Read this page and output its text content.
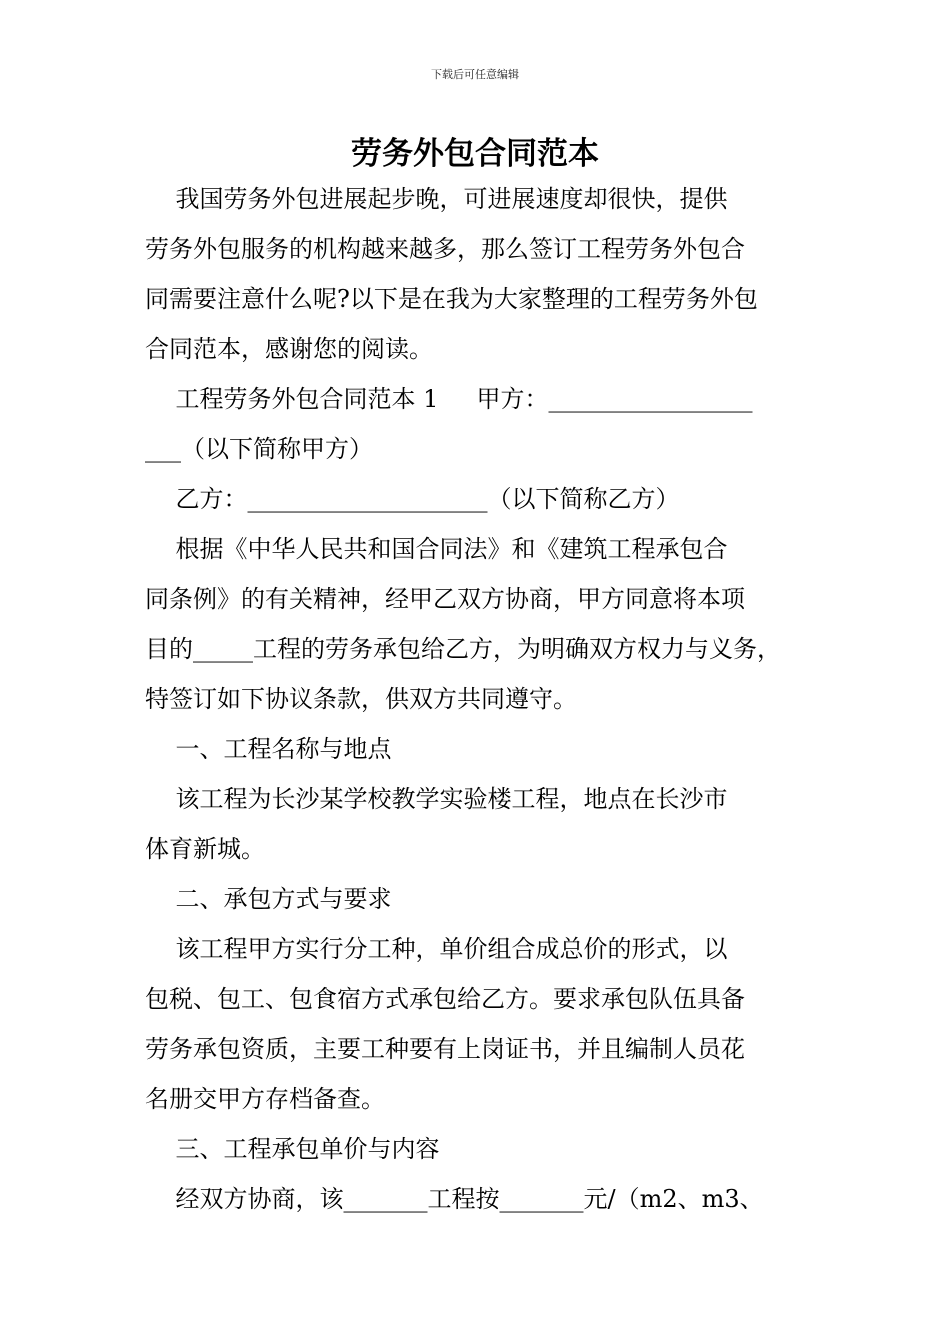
下载后可任意编辑
劳务外包合同范本

我国劳务外包进展起步晚，可进展速度却很快，提供

劳务外包服务的机构越来越多，那么签订工程劳务外包合

同需要注意什么呢?以下是在我为大家整理的工程劳务外包

合同范本，感谢您的阅读。

工程劳务外包合同范本 1     甲方：_________________

___（以下简称甲方）

乙方：____________________（以下简称乙方）

根据《中华人民共和国合同法》和《建筑工程承包合

同条例》的有关精神，经甲乙双方协商，甲方同意将本项

目的_____工程的劳务承包给乙方，为明确双方权力与义务，

特签订如下协议条款，供双方共同遵守。

一、工程名称与地点

该工程为长沙某学校教学实验楼工程，地点在长沙市

体育新城。

二、承包方式与要求

该工程甲方实行分工种，单价组合成总价的形式，以

包税、包工、包食宿方式承包给乙方。要求承包队伍具备

劳务承包资质，主要工种要有上岗证书，并且编制人员花

名册交甲方存档备查。

三、工程承包单价与内容

经双方协商，该_______工程按_______元/（m2、m3、
